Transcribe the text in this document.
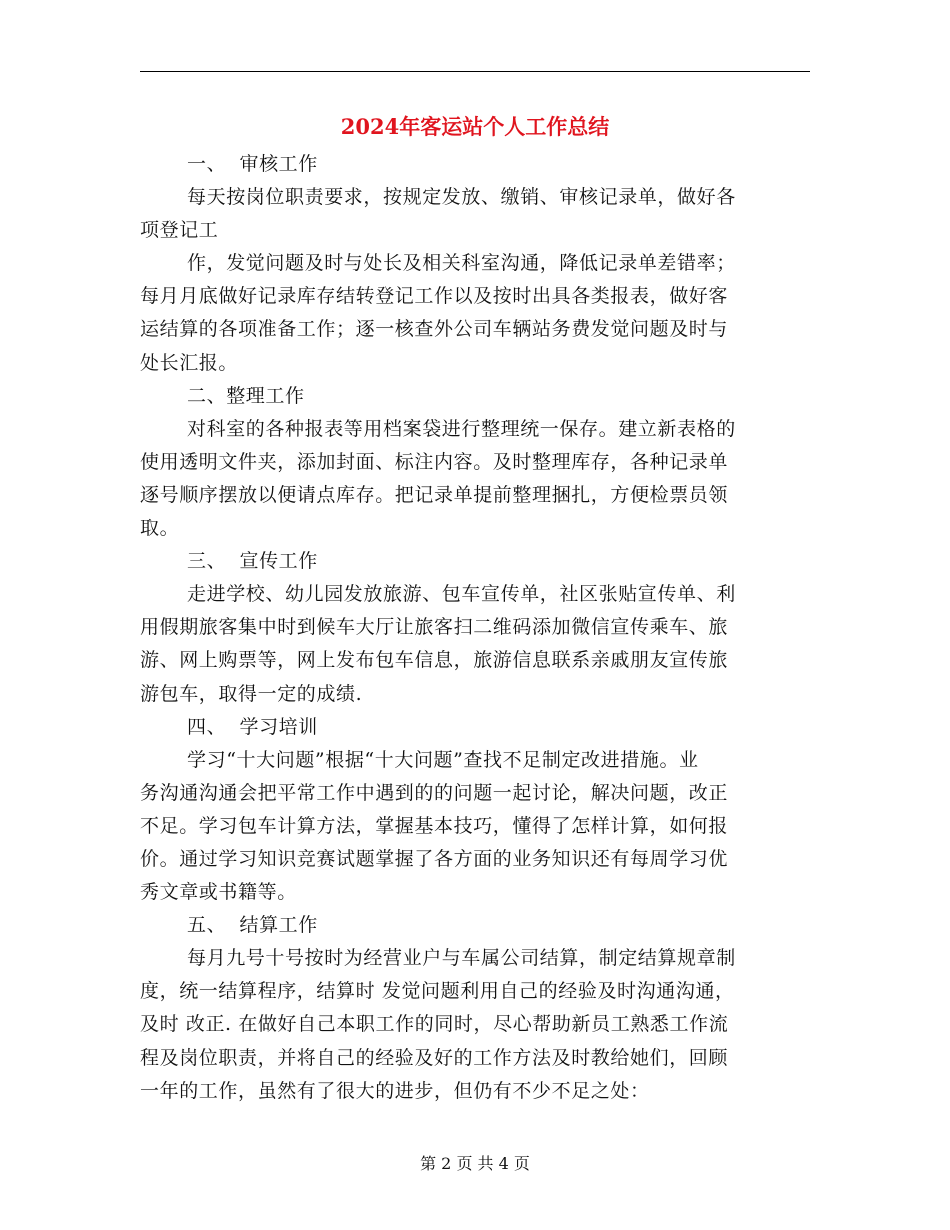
2024年客运站个人工作总结
一、  审核工作
每天按岗位职责要求，按规定发放、缴销、审核记录单，做好各
项登记工
作，发觉问题及时与处长及相关科室沟通，降低记录单差错率；
每月月底做好记录库存结转登记工作以及按时出具各类报表，做好客
运结算的各项准备工作；逐一核查外公司车辆站务费发觉问题及时与
处长汇报。
二、整理工作
对科室的各种报表等用档案袋进行整理统一保存。建立新表格的
使用透明文件夹，添加封面、标注内容。及时整理库存，各种记录单
逐号顺序摆放以便请点库存。把记录单提前整理捆扎，方便检票员领
取。
三、  宣传工作
走进学校、幼儿园发放旅游、包车宣传单，社区张贴宣传单、利
用假期旅客集中时到候车大厅让旅客扫二维码添加微信宣传乘车、旅
游、网上购票等，网上发布包车信息，旅游信息联系亲戚朋友宣传旅
游包车，取得一定的成绩.
四、  学习培训
学习“十大问题”根据“十大问题”查找不足制定改进措施。业
务沟通沟通会把平常工作中遇到的的问题一起讨论，解决问题，改正
不足。学习包车计算方法，掌握基本技巧，懂得了怎样计算，如何报
价。通过学习知识竞赛试题掌握了各方面的业务知识还有每周学习优
秀文章或书籍等。
五、  结算工作
每月九号十号按时为经营业户与车属公司结算，制定结算规章制
度，统一结算程序，结算时 发觉问题利用自己的经验及时沟通沟通，
及时 改正. 在做好自己本职工作的同时，尽心帮助新员工熟悉工作流
程及岗位职责，并将自己的经验及好的工作方法及时教给她们，回顾
一年的工作，虽然有了很大的进步，但仍有不少不足之处：
第 2 页 共 4 页
